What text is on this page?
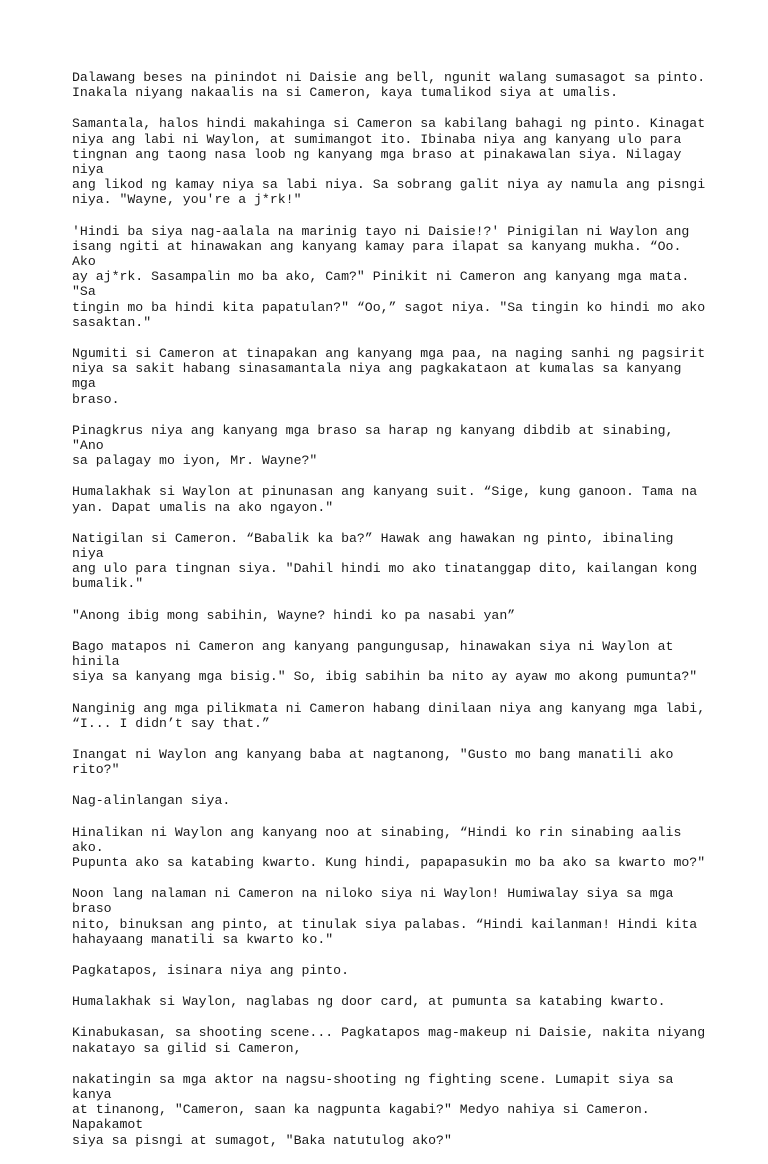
Dalawang beses na pinindot ni Daisie ang bell, ngunit walang sumasagot sa pinto.
Inakala niyang nakaalis na si Cameron, kaya tumalikod siya at umalis.

Samantala, halos hindi makahinga si Cameron sa kabilang bahagi ng pinto. Kinagat
niya ang labi ni Waylon, at sumimangot ito. Ibinaba niya ang kanyang ulo para
tingnan ang taong nasa loob ng kanyang mga braso at pinakawalan siya. Nilagay niya
ang likod ng kamay niya sa labi niya. Sa sobrang galit niya ay namula ang pisngi
niya. "Wayne, you're a j*rk!"

'Hindi ba siya nag-aalala na marinig tayo ni Daisie!?' Pinigilan ni Waylon ang
isang ngiti at hinawakan ang kanyang kamay para ilapat sa kanyang mukha. “Oo. Ako
ay aj*rk. Sasampalin mo ba ako, Cam?" Pinikit ni Cameron ang kanyang mga mata. "Sa
tingin mo ba hindi kita papatulan?" “Oo,” sagot niya. "Sa tingin ko hindi mo ako
sasaktan."

Ngumiti si Cameron at tinapakan ang kanyang mga paa, na naging sanhi ng pagsirit
niya sa sakit habang sinasamantala niya ang pagkakataon at kumalas sa kanyang mga
braso.

Pinagkrus niya ang kanyang mga braso sa harap ng kanyang dibdib at sinabing, "Ano
sa palagay mo iyon, Mr. Wayne?"

Humalakhak si Waylon at pinunasan ang kanyang suit. “Sige, kung ganoon. Tama na
yan. Dapat umalis na ako ngayon."

Natigilan si Cameron. “Babalik ka ba?” Hawak ang hawakan ng pinto, ibinaling niya
ang ulo para tingnan siya. "Dahil hindi mo ako tinatanggap dito, kailangan kong
bumalik."

"Anong ibig mong sabihin, Wayne? hindi ko pa nasabi yan”

Bago matapos ni Cameron ang kanyang pangungusap, hinawakan siya ni Waylon at hinila
siya sa kanyang mga bisig." So, ibig sabihin ba nito ay ayaw mo akong pumunta?"

Nanginig ang mga pilikmata ni Cameron habang dinilaan niya ang kanyang mga labi,
“I... I didn’t say that.”

Inangat ni Waylon ang kanyang baba at nagtanong, "Gusto mo bang manatili ako rito?"

Nag-alinlangan siya.

Hinalikan ni Waylon ang kanyang noo at sinabing, “Hindi ko rin sinabing aalis ako.
Pupunta ako sa katabing kwarto. Kung hindi, papapasukin mo ba ako sa kwarto mo?"

Noon lang nalaman ni Cameron na niloko siya ni Waylon! Humiwalay siya sa mga braso
nito, binuksan ang pinto, at tinulak siya palabas. “Hindi kailanman! Hindi kita
hahayaang manatili sa kwarto ko."

Pagkatapos, isinara niya ang pinto.

Humalakhak si Waylon, naglabas ng door card, at pumunta sa katabing kwarto.

Kinabukasan, sa shooting scene... Pagkatapos mag-makeup ni Daisie, nakita niyang
nakatayo sa gilid si Cameron,

nakatingin sa mga aktor na nagsu-shooting ng fighting scene. Lumapit siya sa kanya
at tinanong, "Cameron, saan ka nagpunta kagabi?" Medyo nahiya si Cameron. Napakamot
siya sa pisngi at sumagot, "Baka natutulog ako?"
